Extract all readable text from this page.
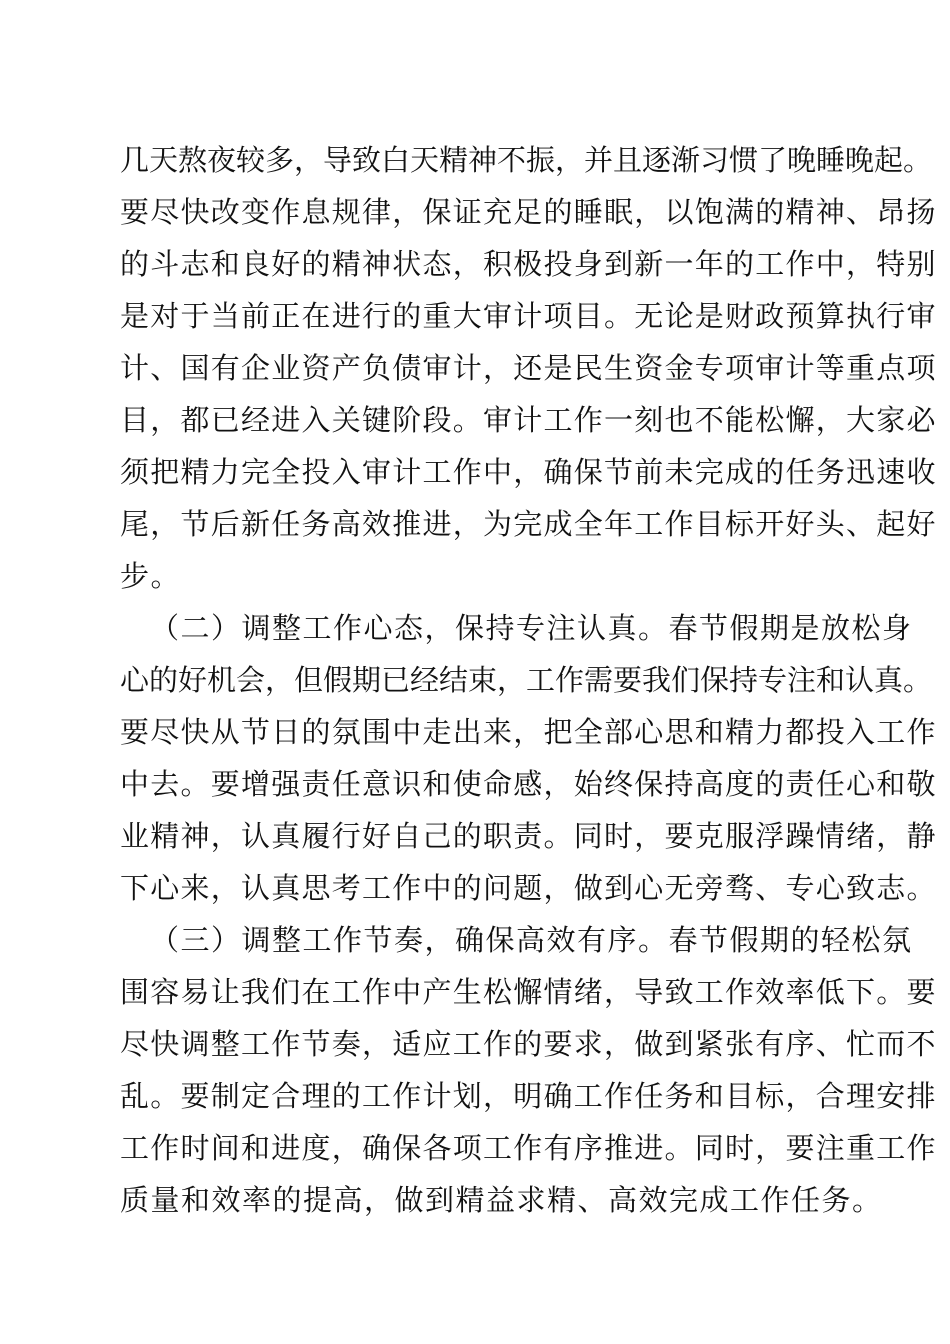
几天熬夜较多，导致白天精神不振，并且逐渐习惯了晚睡晚起。
要尽快改变作息规律，保证充足的睡眠，以饱满的精神、昂扬
的斗志和良好的精神状态，积极投身到新一年的工作中，特别
是对于当前正在进行的重大审计项目。无论是财政预算执行审
计、国有企业资产负债审计，还是民生资金专项审计等重点项
目，都已经进入关键阶段。审计工作一刻也不能松懈，大家必
须把精力完全投入审计工作中，确保节前未完成的任务迅速收
尾，节后新任务高效推进，为完成全年工作目标开好头、起好
步。
（二）调整工作心态，保持专注认真。春节假期是放松身
心的好机会，但假期已经结束，工作需要我们保持专注和认真。
要尽快从节日的氛围中走出来，把全部心思和精力都投入工作
中去。要增强责任意识和使命感，始终保持高度的责任心和敬
业精神，认真履行好自己的职责。同时，要克服浮躁情绪，静
下心来，认真思考工作中的问题，做到心无旁骛、专心致志。
（三）调整工作节奏，确保高效有序。春节假期的轻松氛
围容易让我们在工作中产生松懈情绪，导致工作效率低下。要
尽快调整工作节奏，适应工作的要求，做到紧张有序、忙而不
乱。要制定合理的工作计划，明确工作任务和目标，合理安排
工作时间和进度，确保各项工作有序推进。同时，要注重工作
质量和效率的提高，做到精益求精、高效完成工作任务。
